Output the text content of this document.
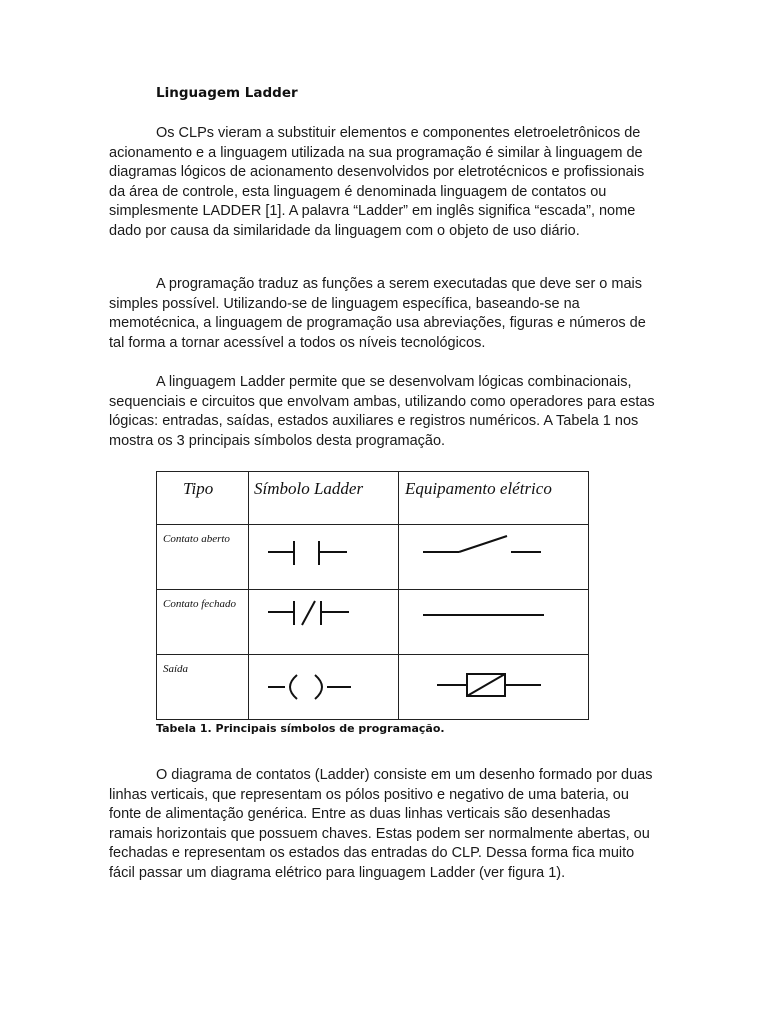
Linguagem Ladder

Os CLPs vieram a substituir elementos e componentes eletroeletrônicos de acionamento e a linguagem utilizada na sua programação é similar à linguagem de diagramas lógicos de acionamento desenvolvidos por eletrotécnicos e profissionais da área de controle, esta linguagem é denominada linguagem de contatos ou simplesmente LADDER [1]. A palavra “Ladder” em inglês significa “escada”, nome dado por causa da similaridade da linguagem com o objeto de uso diário.

A programação traduz as funções a serem executadas que deve ser o mais simples possível. Utilizando-se de linguagem específica, baseando-se na memotécnica, a linguagem de programação usa abreviações, figuras e números de tal forma a tornar acessível a todos os níveis tecnológicos.

A linguagem Ladder permite que se desenvolvam lógicas combinacionais, sequenciais e circuitos que envolvam ambas, utilizando como operadores para estas lógicas: entradas, saídas, estados auxiliares e registros numéricos. A Tabela 1 nos mostra os 3 principais símbolos desta programação.

Tipo	Símbolo Ladder	Equipamento elétrico

Contato aberto

Contato fechado

Saída

Tabela 1. Principais símbolos de programação.

O diagrama de contatos (Ladder) consiste em um desenho formado por duas linhas verticais, que representam os pólos positivo e negativo de uma bateria, ou fonte de alimentação genérica. Entre as duas linhas verticais são desenhadas ramais horizontais que possuem chaves. Estas podem ser normalmente abertas, ou fechadas e representam os estados das entradas do CLP. Dessa forma fica muito fácil passar um diagrama elétrico para linguagem Ladder (ver figura 1).
